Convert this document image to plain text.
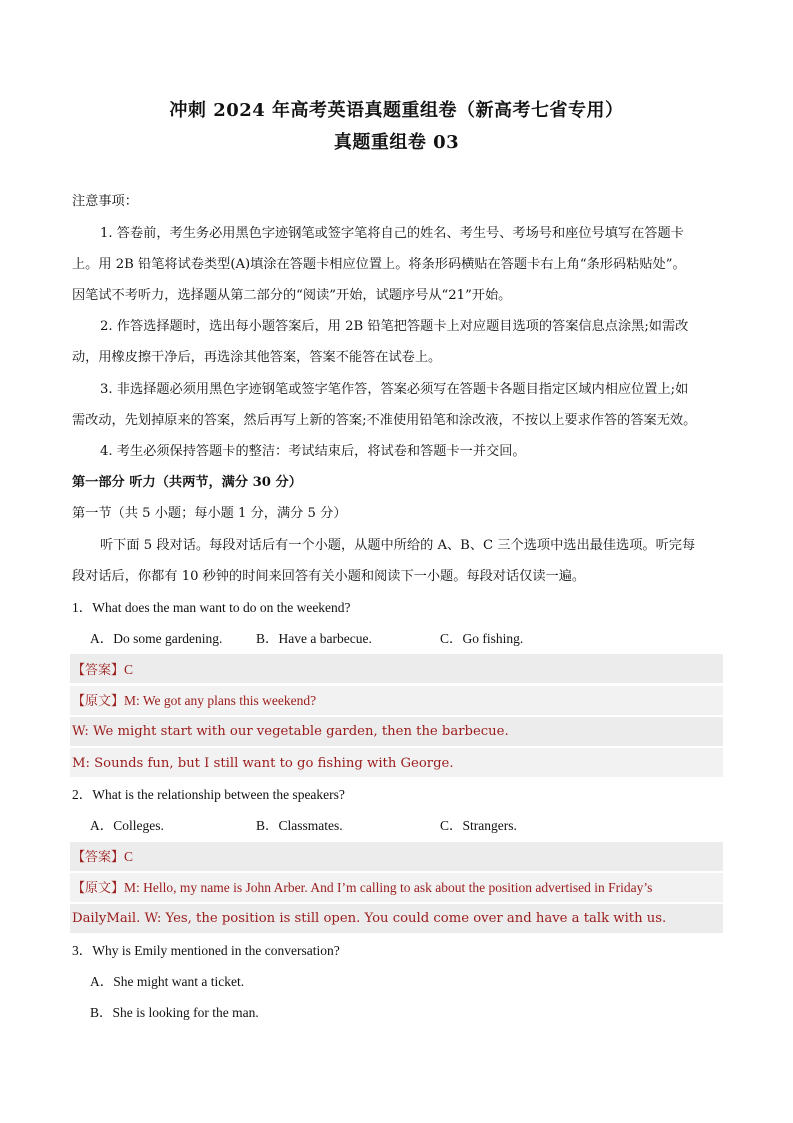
冲刺 2024 年高考英语真题重组卷（新高考七省专用）
真题重组卷 03
注意事项：
1. 答卷前，考生务必用黑色字迹钢笔或签字笔将自己的姓名、考生号、考场号和座位号填写在答题卡
上。用 2B 铅笔将试卷类型(A)填涂在答题卡相应位置上。将条形码横贴在答题卡右上角“条形码粘贴处”。
因笔试不考听力，选择题从第二部分的“阅读”开始，试题序号从“21”开始。
2. 作答选择题时，选出每小题答案后，用 2B 铅笔把答题卡上对应题目选项的答案信息点涂黑;如需改
动，用橡皮擦干净后，再选涂其他答案，答案不能答在试卷上。
3. 非选择题必须用黑色字迹钢笔或签字笔作答，答案必须写在答题卡各题目指定区域内相应位置上;如
需改动，先划掉原来的答案，然后再写上新的答案;不准使用铅笔和涂改液，不按以上要求作答的答案无效。
4. 考生必须保持答题卡的整洁：考试结束后，将试卷和答题卡一并交回。
第一部分 听力（共两节，满分 30 分）
第一节（共 5 小题；每小题 1 分，满分 5 分）
听下面 5 段对话。每段对话后有一个小题，从题中所给的 A、B、C 三个选项中选出最佳选项。听完每
段对话后，你都有 10 秒钟的时间来回答有关小题和阅读下一小题。每段对话仅读一遍。
1．What does the man want to do on the weekend?
A．Do some gardening. B．Have a barbecue.	C．Go fishing.
【答案】C
【原文】M: We got any plans this weekend?
W: We might start with our vegetable garden, then the barbecue.
M: Sounds fun, but I still want to go fishing with George.
2．What is the relationship between the speakers?
A．Colleges.	B．Classmates.	C．Strangers.
【答案】C
【原文】M: Hello, my name is John Arber. And I’m calling to ask about the position advertised in Friday’s
DailyMail. W: Yes, the position is still open. You could come over and have a talk with us.
3．Why is Emily mentioned in the conversation?
A．She might want a ticket.
B．She is looking for the man.
